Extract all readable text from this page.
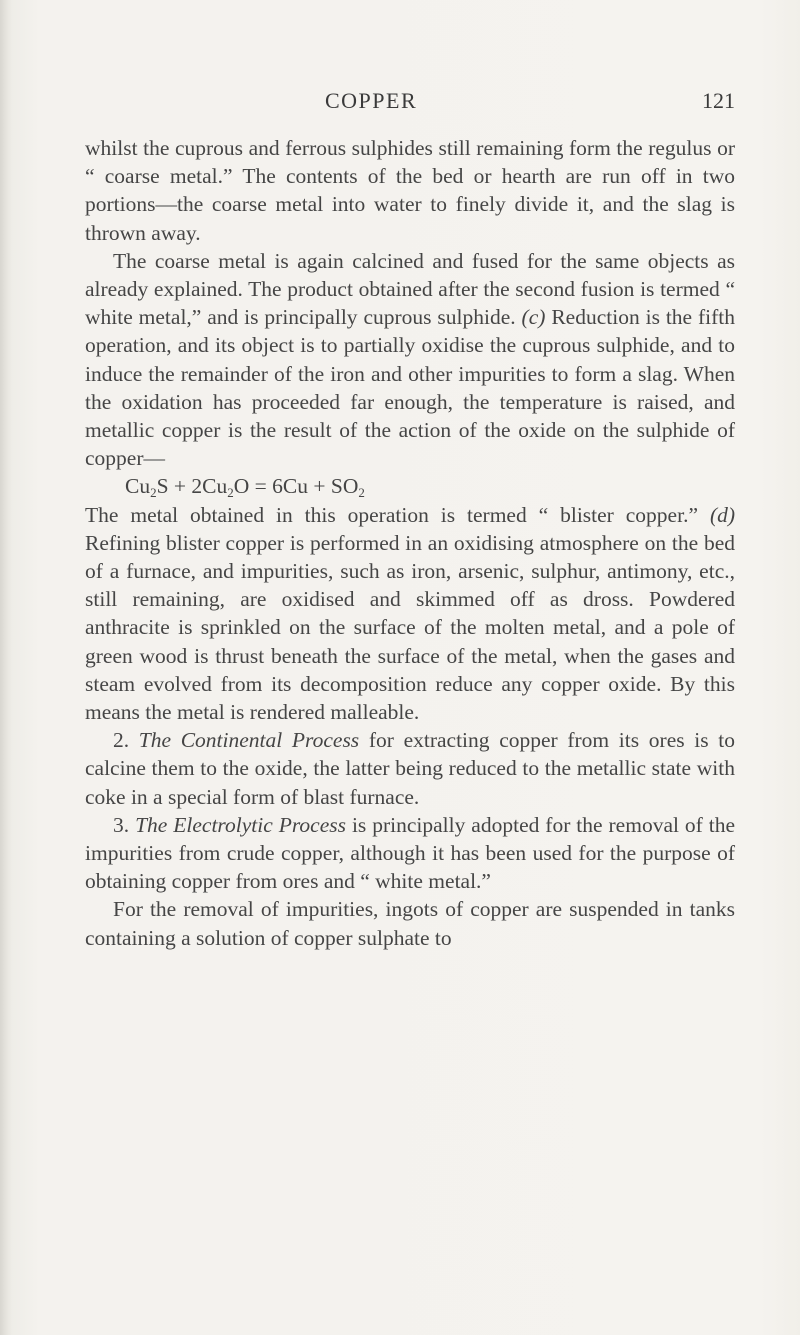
COPPER	121

whilst the cuprous and ferrous sulphides still remaining form the regulus or “ coarse metal.” The contents of the bed or hearth are run off in two portions—the coarse metal into water to finely divide it, and the slag is thrown away.

The coarse metal is again calcined and fused for the same objects as already explained. The product obtained after the second fusion is termed “ white metal,” and is principally cuprous sulphide. (c) Reduction is the fifth operation, and its object is to partially oxidise the cuprous sulphide, and to induce the remainder of the iron and other impurities to form a slag. When the oxidation has proceeded far enough, the temperature is raised, and metallic copper is the result of the action of the oxide on the sulphide of copper—

$Cu_2S + 2Cu_2O = 6Cu + SO_2$

The metal obtained in this operation is termed “ blister copper.” (d) Refining blister copper is performed in an oxidising atmosphere on the bed of a furnace, and impurities, such as iron, arsenic, sulphur, antimony, etc., still remaining, are oxidised and skimmed off as dross. Powdered anthracite is sprinkled on the surface of the molten metal, and a pole of green wood is thrust beneath the surface of the metal, when the gases and steam evolved from its decomposition reduce any copper oxide. By this means the metal is rendered malleable.

2. The Continental Process for extracting copper from its ores is to calcine them to the oxide, the latter being reduced to the metallic state with coke in a special form of blast furnace.

3. The Electrolytic Process is principally adopted for the removal of the impurities from crude copper, although it has been used for the purpose of obtaining copper from ores and “ white metal.”

For the removal of impurities, ingots of copper are suspended in tanks containing a solution of copper sulphate to
